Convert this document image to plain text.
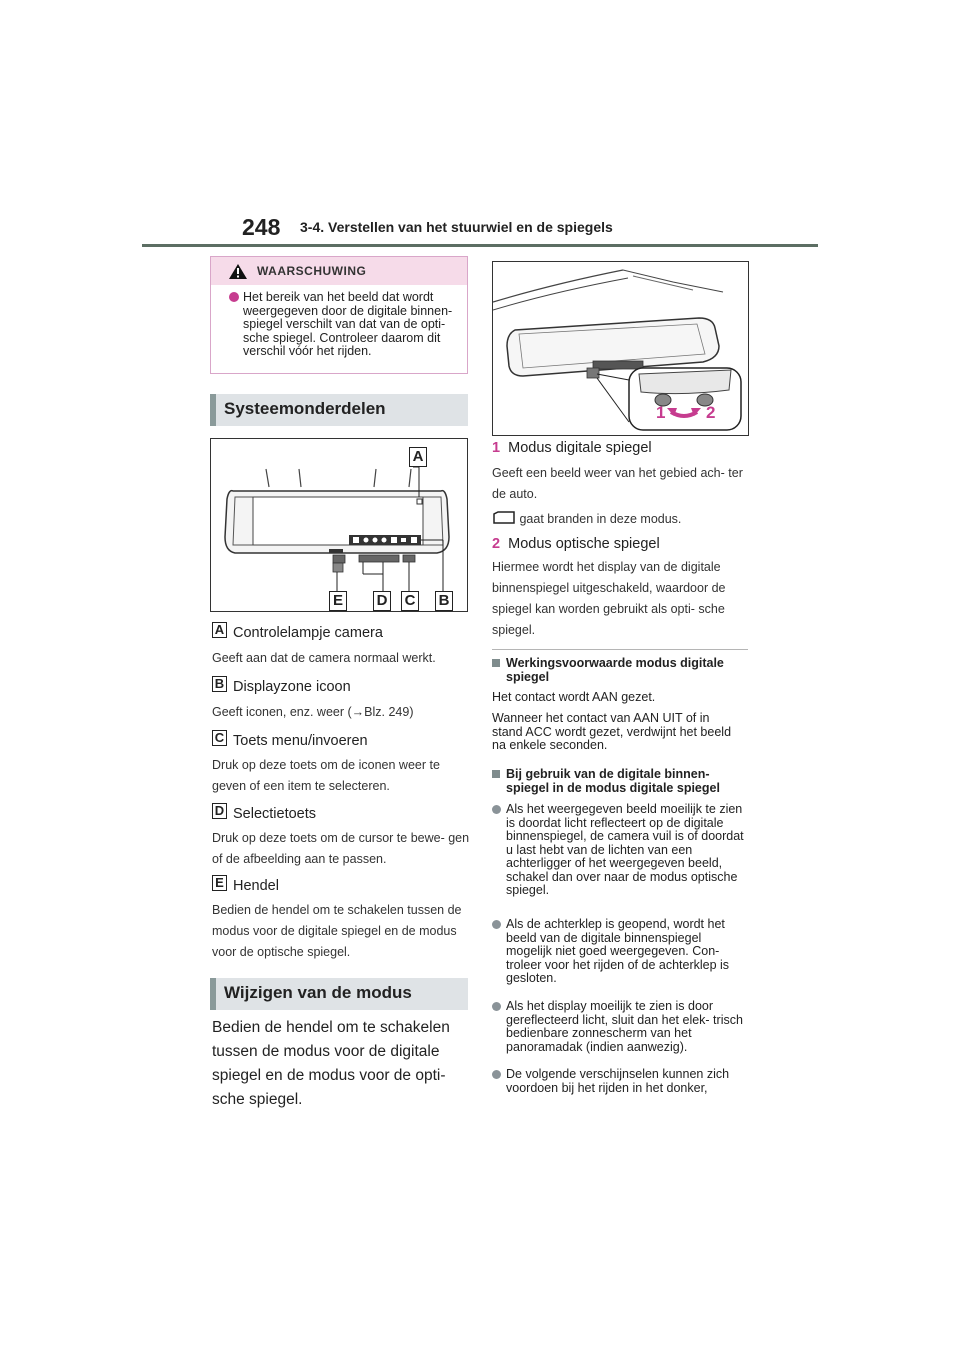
248 3-4. Verstellen van het stuurwiel en de spiegels
WAARSCHUWING
Het bereik van het beeld dat wordt weergegeven door de digitale binnen- spiegel verschilt van dat van de opti- sche spiegel. Controleer daarom dit verschil vóór het rijden.
Systeemonderdelen
A
E D C B
A Controlelampje camera
Geeft aan dat de camera normaal werkt.
B Displayzone icoon
Geeft iconen, enz. weer (→Blz. 249)
C Toets menu/invoeren
Druk op deze toets om de iconen weer te geven of een item te selecteren.
D Selectietoets
Druk op deze toets om de cursor te bewe- gen of de afbeelding aan te passen.
E Hendel
Bedien de hendel om te schakelen tussen de modus voor de digitale spiegel en de modus voor de optische spiegel.
Wijzigen van de modus
Bedien de hendel om te schakelen tussen de modus voor de digitale spiegel en de modus voor de opti- sche spiegel.
1 2
1 Modus digitale spiegel
Geeft een beeld weer van het gebied ach- ter de auto.
gaat branden in deze modus.
2 Modus optische spiegel
Hiermee wordt het display van de digitale binnenspiegel uitgeschakeld, waardoor de spiegel kan worden gebruikt als opti- sche spiegel.
Werkingsvoorwaarde modus digitale spiegel
Het contact wordt AAN gezet.
Wanneer het contact van AAN UIT of in stand ACC wordt gezet, verdwijnt het beeld na enkele seconden.
Bij gebruik van de digitale binnen- spiegel in de modus digitale spiegel
Als het weergegeven beeld moeilijk te zien is doordat licht reflecteert op de digitale binnenspiegel, de camera vuil is of doordat u last hebt van de lichten van een achterligger of het weergegeven beeld, schakel dan over naar de modus optische spiegel.
Als de achterklep is geopend, wordt het beeld van de digitale binnenspiegel mogelijk niet goed weergegeven. Con- troleer voor het rijden of de achterklep is gesloten.
Als het display moeilijk te zien is door gereflecteerd licht, sluit dan het elek- trisch bedienbare zonnescherm van het panoramadak (indien aanwezig).
De volgende verschijnselen kunnen zich voordoen bij het rijden in het donker,
